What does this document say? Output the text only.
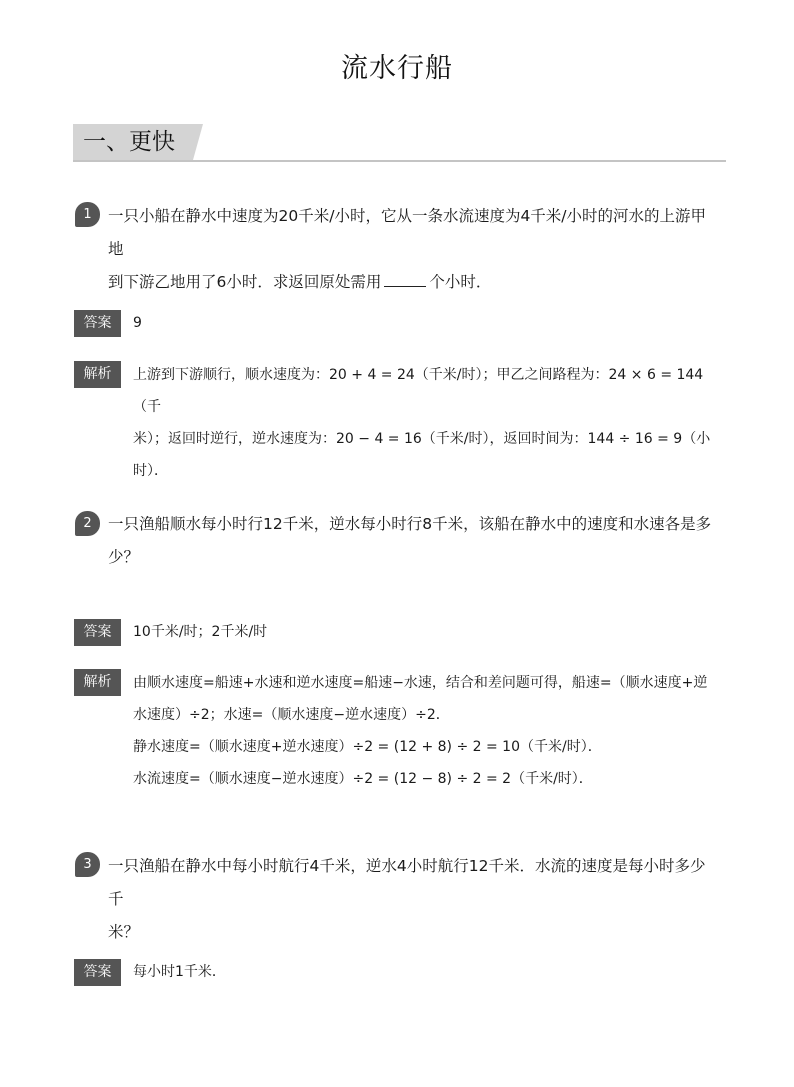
流水行船
一、更快
1	一只小船在静水中速度为20千米/小时，它从一条水流速度为4千米/小时的河水的上游甲地
到下游乙地用了6小时．求返回原处需用	个小时．
答案	9
解析	上游到下游顺行，顺水速度为：20 + 4 = 24（千米/时）；甲乙之间路程为：24 × 6 = 144（千

米）；返回时逆行，逆水速度为：20 − 4 = 16（千米/时），返回时间为：144 ÷ 16 = 9（小

时）．

2	一只渔船顺水每小时行12千米，逆水每小时行8千米，该船在静水中的速度和水速各是多
少？
答案	10千米/时；2千米/时
解析	由顺水速度=船速+水速和逆水速度=船速−水速，结合和差问题可得，船速=（顺水速度+逆

水速度）÷2；水速=（顺水速度−逆水速度）÷2．

静水速度=（顺水速度+逆水速度）÷2 = (12 + 8) ÷ 2 = 10（千米/时）．

水流速度=（顺水速度−逆水速度）÷2 = (12 − 8) ÷ 2 = 2（千米/时）．

3	一只渔船在静水中每小时航行4千米，逆水4小时航行12千米．水流的速度是每小时多少千
米？
答案	每小时1千米．
